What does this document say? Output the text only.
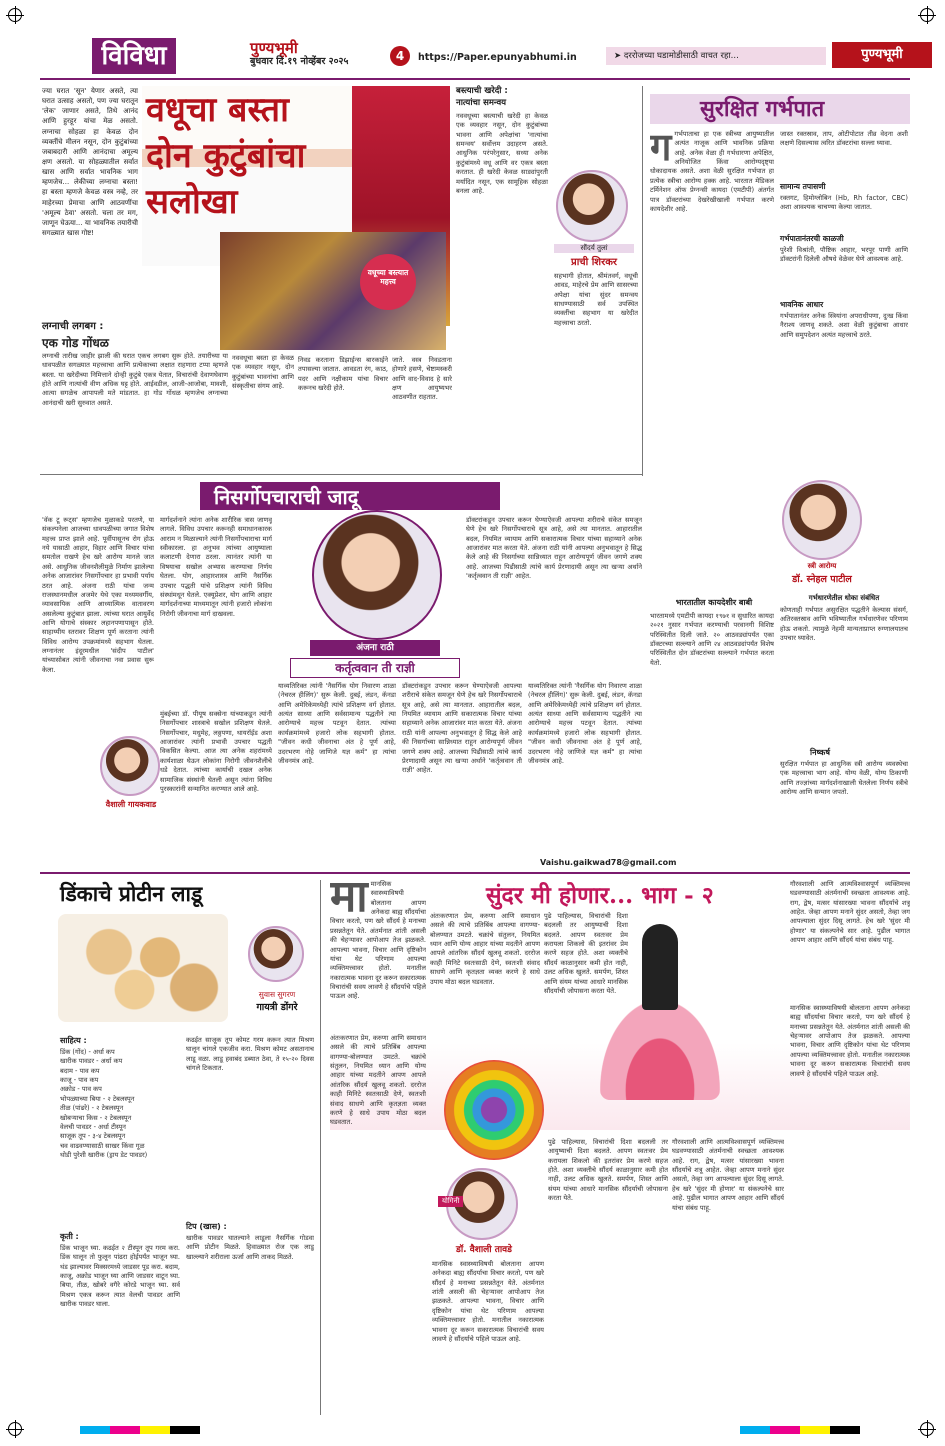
विविधा	पुण्यभूमी
बुधवार दि.१९ नोव्हेंबर २०२५	4	https://Paper.epunyabhumi.in	➤ दररोजच्या घडामोडीसाठी वाचत रहा...	पुण्यभूमी
ज्या घरात 'सून' येणार असते, त्या घरात उत्साह असतो, पण ज्या घरातून 'लेक' जाणार असते, तिथे आनंद आणि हुरहूर यांचा मेळ असतो. लग्नाचा सोहळा हा केवळ दोन व्यक्तींचे मीलन नसून, दोन कुटुंबांच्या जबाबदारी आणि आनंदाचा अमूल्य क्षण असतो. या सोहळ्यातील सर्वात खास आणि सर्वात भावनिक भाग म्हणजेच... लेकीच्या लग्नाचा बस्ता! हा बस्ता म्हणजे केवळ वस्त्र नव्हे, तर माहेरच्या प्रेमाचा आणि आठवणींचा 'अमूल्य ठेवा' असतो. चला तर मग, जाणून घेऊया... या भावनिक तयारीची सगळ्यात खास गोष्ट!
वधूचा बस्ता
दोन कुटुंबांचा
सलोखा
वधूच्या बस्त्यात महत्त्व
लग्नाची लगबग :
एक गोड गोंधळ
लग्नाची तारीख जाहीर झाली की घरात एकच लगबग सुरू होते. तयारीच्या या धावपळीत सगळ्यात महत्त्वाचा आणि प्रत्येकाच्या लक्षात राहणारा टप्पा म्हणजे बस्ता. या खरेदीच्या निमित्ताने दोन्ही कुटुंबे एकत्र येतात, विचारांची देवाणघेवाण होते आणि नात्यांची वीण अधिक घट्ट होते. आईवडील, आजी-आजोबा, मावशी, आत्या सगळेच आपापली मते मांडतात. हा गोड गोंधळ म्हणजेच लग्नाच्या आनंदाची खरी सुरुवात असते.
नववधूचा बस्ता हा केवळ एक व्यवहार नसून, दोन कुटुंबांच्या भावनांचा आणि संस्कृतीचा संगम आहे.
निवड करताना डिझाईन्स बारकाईने तपासल्या जातात. आवडता रंग, काठ, पदर आणि नक्षीकाम यांचा विचार करूनच खरेदी होते.
जाते. वस्त्र निवडताना होणारे हसणे, चेष्टामस्करी आणि वाद-विवाद हे सारे क्षण आयुष्यभर आठवणीत राहतात.
बस्त्याची खरेदी :
नात्यांचा समन्वय
नववधूच्या बस्त्याची खरेदी हा केवळ एक व्यवहार नसून, दोन कुटुंबांच्या भावना आणि अपेक्षांचा 'नात्यांचा समन्वय' सर्वोत्तम उदाहरण असते. आधुनिक परंपरेनुसार, सध्या अनेक कुटुंबांमध्ये वधू आणि वर एकत्र बस्ता करतात. ही खरेदी केवळ साड्यांपुरती मर्यादित नसून, एक सामूहिक सोहळा बनला आहे.
सौंदर्य तुलां
प्राची शिरकर
सहभागी होतात, श्रीमंतवर्ग, वधूची आवड, माहेरचे प्रेम आणि सासरच्या अपेक्षा यांचा सुंदर समन्वय साधण्यासाठी सर्व उपस्थित व्यक्तींचा सहभाग या खरेदीत महत्त्वाचा ठरतो.
सुरक्षित गर्भपात
गगर्भपाताचा हा एक स्त्रीच्या आयुष्यातील अत्यंत नाजूक आणि भावनिक प्रक्रिया आहे. अनेक वेळा ही गर्भधारणा अपेक्षित, अनियोजित किंवा आरोग्यदृष्ट्या धोकादायक असते. अशा वेळी सुरक्षित गर्भपात हा प्रत्येक स्त्रीचा आरोग्य हक्क आहे. भारतात मेडिकल टर्मिनेशन ऑफ प्रेग्नन्सी कायदा (एमटीपी) अंतर्गत पात्र डॉक्टरांच्या देखरेखीखाली गर्भपात करणे कायदेशीर आहे.
जास्त रक्तस्राव, ताप, ओटीपोटात तीव्र वेदना अशी लक्षणे दिसल्यास त्वरित डॉक्टरांचा सल्ला घ्यावा.
सामान्य तपासणी
रक्तगट, हिमोग्लोबिन (Hb, Rh factor, CBC) अशा आवश्यक चाचण्या केल्या जातात.
गर्भपातानंतरची काळजी
पुरेशी विश्रांती, पौष्टिक आहार, भरपूर पाणी आणि डॉक्टरांनी दिलेली औषधे वेळेवर घेणे आवश्यक आहे.
भावनिक आधार
गर्भपातानंतर अनेक स्त्रियांना अपराधीपणा, दुःख किंवा नैराश्य जाणवू शकते. अशा वेळी कुटुंबाचा आधार आणि समुपदेशन अत्यंत महत्त्वाचे ठरते.
भारतातील कायदेशीर बाबी
भारतामध्ये एमटीपी कायदा १९७१ व सुधारित कायदा २०२१ नुसार गर्भपात करण्याची परवानगी विशिष्ट परिस्थितीत दिली जाते. २० आठवड्यांपर्यंत एका डॉक्टरच्या सल्ल्याने आणि २४ आठवड्यांपर्यंत विशेष परिस्थितीत दोन डॉक्टरांच्या सल्ल्याने गर्भपात करता येतो.
स्त्री आरोग्य
डॉ. स्नेहल पाटील
गर्भधारणेतील धोका संबंधित
कोणताही गर्भपात असुरक्षित पद्धतीने केल्यास संसर्ग, अतिरक्तस्राव आणि भविष्यातील गर्भधारणेवर परिणाम होऊ शकतो. त्यामुळे नेहमी मान्यताप्राप्त रुग्णालयातच उपचार घ्यावेत.
निष्कर्ष
सुरक्षित गर्भपात हा आधुनिक स्त्री आरोग्य व्यवस्थेचा एक महत्त्वाचा भाग आहे. योग्य वेळी, योग्य ठिकाणी आणि तज्ज्ञांच्या मार्गदर्शनाखाली घेतलेला निर्णय स्त्रीचे आरोग्य आणि सन्मान जपतो.
निसर्गोपचाराची जादू
'वॅक टू रूट्स' म्हणजेच मुळाकडे परतणे, या संकल्पनेला आजच्या धावपळीच्या जगात विशेष महत्त्व प्राप्त झाले आहे. पूर्वीपासूनच रोग होऊ नये यासाठी आहार, विहार आणि विचार यांचा समतोल राखणे हेच खरे आरोग्य मानले जात असे. आधुनिक जीवनशैलीमुळे निर्माण झालेल्या अनेक आजारांवर निसर्गोपचार हा प्रभावी पर्याय ठरत आहे. अंजना राठी यांचा जन्म राजस्थानमधील अजमेर येथे एका मध्यमवर्गीय, व्यावसायिक आणि आध्यात्मिक वातावरण असलेल्या कुटुंबात झाला. त्यांच्या घरात आयुर्वेद आणि योगाचे संस्कार लहानपणापासून होते. साहाय्यीय स्तरावर शिक्षण पूर्ण करताना त्यांनी विविध आरोग्य उपक्रमांमध्ये सहभाग घेतला. लग्नानंतर इंदूरमधील 'संदीप पाटील' यांच्यासोबत त्यांनी जीवनाचा नवा प्रवास सुरू केला.
मार्गदर्शनाने त्यांना अनेक शारीरिक त्रास जाणवू लागले. विविध उपचार करूनही समाधानकारक आराम न मिळाल्याने त्यांनी निसर्गोपचाराचा मार्ग स्वीकारला. हा अनुभव त्यांच्या आयुष्याला कलाटणी देणारा ठरला. त्यानंतर त्यांनी या विषयाचा सखोल अभ्यास करण्याचा निर्णय घेतला. योग, आहारशास्त्र आणि नैसर्गिक उपचार पद्धती यांचे प्रशिक्षण त्यांनी विविध संस्थांमधून घेतले. एक्यूप्रेशर, योग आणि आहार मार्गदर्शनाच्या माध्यमातून त्यांनी हजारो लोकांना निरोगी जीवनाचा मार्ग दाखवला.
अंजना राठी
कर्तृत्ववान ती राज्ञी
मुंबईच्या डॉ. पीयूष सक्सेना यांच्याकडून त्यांनी निसर्गोपचार शास्त्राचे सखोल प्रशिक्षण घेतले. निसर्गोपचार, मधुमेह, लठ्ठपणा, थायरॉईड अशा आजारांवर त्यांनी प्रभावी उपचार पद्धती विकसित केल्या. आज त्या अनेक शहरांमध्ये कार्यशाळा घेऊन लोकांना निरोगी जीवनशैलीचे धडे देतात. त्यांच्या कार्याची दखल अनेक सामाजिक संस्थांनी घेतली असून त्यांना विविध पुरस्कारांनी सन्मानित करण्यात आले आहे.
याव्यतिरिक्त त्यांनी 'नैसर्गिक योग निवारण शाळा (नेचरल हीलिंग)' सुरू केली. दुबई, लंडन, कॅनडा आणि अमेरिकेमध्येही त्यांचे प्रशिक्षण वर्ग होतात. अत्यंत साध्या आणि सर्वसामान्य पद्धतीने त्या आरोग्याचे महत्त्व पटवून देतात. त्यांच्या कार्यक्रमांमध्ये हजारो लोक सहभागी होतात. "जीवन कधी जीवनाचा अंत हे पूर्ण आहे, उदरभरण नोहे जाणिजे यज्ञ कर्म" हा त्यांचा जीवनमंत्र आहे.
डॉक्टरांकडून उपचार करून घेण्याऐवजी आपल्या शरीराचे संकेत समजून घेणे हेच खरे निसर्गोपचाराचे सूत्र आहे, असे त्या मानतात. आहारातील बदल, नियमित व्यायाम आणि सकारात्मक विचार यांच्या सहाय्याने अनेक आजारांवर मात करता येते. अंजना राठी यांनी आपल्या अनुभवातून हे सिद्ध केले आहे की निसर्गाच्या सान्निध्यात राहून आरोग्यपूर्ण जीवन जगणे शक्य आहे. आजच्या पिढीसाठी त्यांचे कार्य प्रेरणादायी असून त्या खऱ्या अर्थाने 'कर्तृत्ववान ती राज्ञी' आहेत.
डॉक्टरांकडून उपचार करून घेण्याऐवजी आपल्या शरीराचे संकेत समजून घेणे हेच खरे निसर्गोपचाराचे सूत्र आहे, असे त्या मानतात. आहारातील बदल, नियमित व्यायाम आणि सकारात्मक विचार यांच्या सहाय्याने अनेक आजारांवर मात करता येते. अंजना राठी यांनी आपल्या अनुभवातून हे सिद्ध केले आहे की निसर्गाच्या सान्निध्यात राहून आरोग्यपूर्ण जीवन जगणे शक्य आहे. आजच्या पिढीसाठी त्यांचे कार्य प्रेरणादायी असून त्या खऱ्या अर्थाने 'कर्तृत्ववान ती राज्ञी' आहेत.
याव्यतिरिक्त त्यांनी 'नैसर्गिक योग निवारण शाळा (नेचरल हीलिंग)' सुरू केली. दुबई, लंडन, कॅनडा आणि अमेरिकेमध्येही त्यांचे प्रशिक्षण वर्ग होतात. अत्यंत साध्या आणि सर्वसामान्य पद्धतीने त्या आरोग्याचे महत्त्व पटवून देतात. त्यांच्या कार्यक्रमांमध्ये हजारो लोक सहभागी होतात. "जीवन कधी जीवनाचा अंत हे पूर्ण आहे, उदरभरण नोहे जाणिजे यज्ञ कर्म" हा त्यांचा जीवनमंत्र आहे.
वैशाली गायकवाड
Vaishu.gaikwad78@gmail.com
डिंकाचे प्रोटीन लाडू
सुवास सुगरण
गायत्री डोंगरे
साहित्य :
डिंक (गोंद) - अर्धा कप
खारीक पावडर - अर्धा कप
बदाम - पाव कप
काजू - पाव कप
अक्रोड - पाव कप
भोपळ्याच्या बिया - २ टेबलस्पून
तीळ (पांढरे) - २ टेबलस्पून
खोबऱ्याचा किस - २ टेबलस्पून
वेलची पावडर - अर्धा टीस्पून
साजूक तूप - ३-४ टेबलस्पून
चव वाढवण्यासाठी साखर किंवा गूळ
थोडी पुरेशी खारीक (ड्राय डेट पावडर)
कृती :
डिंक भाजून घ्या. कढईत २ टीस्पून तूप गरम करा. डिंक घालून तो फुलून पांढरा होईपर्यंत भाजून घ्या. थंड झाल्यावर मिक्सरमध्ये जाडसर पूड करा. बदाम, काजू, अक्रोड भाजून घ्या आणि जाडसर वाटून घ्या. बिया, तीळ, खोबरे वगैरे कोरडे भाजून घ्या. सर्व मिश्रण एकत्र करून त्यात वेलची पावडर आणि खारीक पावडर घाला.
कढईत साजूक तूप कोमट गरम करून त्यात मिश्रण घालून चांगले एकजीव करा. मिश्रण कोमट असतानाच लाडू वळा. लाडू हवाबंद डब्यात ठेवा, ते १५-२० दिवस चांगले टिकतात.
टिप (खास) :
खारीक पावडर घातल्याने लाडूला नैसर्गिक गोडवा आणि प्रोटीन मिळते. हिवाळ्यात रोज एक लाडू खाल्ल्याने शरीराला ऊर्जा आणि ताकद मिळते.
सुंदर मी होणार... भाग - २
मामानसिक स्वास्थ्याविषयी बोलताना आपण अनेकदा बाह्य सौंदर्याचा विचार करतो, पण खरे सौंदर्य हे मनाच्या प्रसन्नतेतून येते. अंतर्मनात शांती असली की चेहऱ्यावर आपोआप तेज झळकते. आपल्या भावना, विचार आणि दृष्टिकोन यांचा थेट परिणाम आपल्या व्यक्तिमत्त्वावर होतो. मनातील नकारात्मक भावना दूर करून सकारात्मक विचारांची सवय लावणे हे सौंदर्याचे पहिले पाऊल आहे.
अंतःकरणात प्रेम, करुणा आणि समाधान असले की त्याचे प्रतिबिंब आपल्या वागण्या-बोलण्यात उमटते. चक्रांचे संतुलन, नियमित ध्यान आणि योग्य आहार यांच्या मदतीने आपण आपले आंतरिक सौंदर्य खुलवू शकतो. दररोज काही मिनिटे स्वतःसाठी देणे, स्वतःशी संवाद साधणे आणि कृतज्ञता व्यक्त करणे हे साधे उपाय मोठा बदल घडवतात.
पुढे पाहिल्यास, विचारांची दिशा बदलली तर आयुष्याची दिशा बदलते. आपण स्वतःवर प्रेम करायला शिकलो की इतरांवर प्रेम करणे सहज होते. अशा व्यक्तीचे सौंदर्य काळानुसार कमी होत नाही, उलट अधिक खुलते. समर्पण, शिस्त आणि संयम यांच्या आधारे मानसिक सौंदर्याची जोपासना करता येते.
गौरवशाली आणि आत्मविश्वासपूर्ण व्यक्तिमत्त्व घडवण्यासाठी अंतर्मनाची स्वच्छता आवश्यक आहे. राग, द्वेष, मत्सर यांसारख्या भावना सौंदर्याचे शत्रू आहेत. जेव्हा आपण मनाने सुंदर असतो, तेव्हा जग आपल्याला सुंदर दिसू लागते. हेच खरे 'सुंदर मी होणार' या संकल्पनेचे सार आहे. पुढील भागात आपण आहार आणि सौंदर्य यांचा संबंध पाहू.
अंतःकरणात प्रेम, करुणा आणि समाधान असले की त्याचे प्रतिबिंब आपल्या वागण्या-बोलण्यात उमटते. चक्रांचे संतुलन, नियमित ध्यान आणि योग्य आहार यांच्या मदतीने आपण आपले आंतरिक सौंदर्य खुलवू शकतो. दररोज काही मिनिटे स्वतःसाठी देणे, स्वतःशी संवाद साधणे आणि कृतज्ञता व्यक्त करणे हे साधे उपाय मोठा बदल घडवतात.
पुढे पाहिल्यास, विचारांची दिशा बदलली तर आयुष्याची दिशा बदलते. आपण स्वतःवर प्रेम करायला शिकलो की इतरांवर प्रेम करणे सहज होते. अशा व्यक्तीचे सौंदर्य काळानुसार कमी होत नाही, उलट अधिक खुलते. समर्पण, शिस्त आणि संयम यांच्या आधारे मानसिक सौंदर्याची जोपासना करता येते.
गौरवशाली आणि आत्मविश्वासपूर्ण व्यक्तिमत्त्व घडवण्यासाठी अंतर्मनाची स्वच्छता आवश्यक आहे. राग, द्वेष, मत्सर यांसारख्या भावना सौंदर्याचे शत्रू आहेत. जेव्हा आपण मनाने सुंदर असतो, तेव्हा जग आपल्याला सुंदर दिसू लागते. हेच खरे 'सुंदर मी होणार' या संकल्पनेचे सार आहे. पुढील भागात आपण आहार आणि सौंदर्य यांचा संबंध पाहू.
मानसिक स्वास्थ्याविषयी बोलताना आपण अनेकदा बाह्य सौंदर्याचा विचार करतो, पण खरे सौंदर्य हे मनाच्या प्रसन्नतेतून येते. अंतर्मनात शांती असली की चेहऱ्यावर आपोआप तेज झळकते. आपल्या भावना, विचार आणि दृष्टिकोन यांचा थेट परिणाम आपल्या व्यक्तिमत्त्वावर होतो. मनातील नकारात्मक भावना दूर करून सकारात्मक विचारांची सवय लावणे हे सौंदर्याचे पहिले पाऊल आहे.
योगिनी
डॉ. वैशाली तावडे
मानसिक स्वास्थ्याविषयी बोलताना आपण अनेकदा बाह्य सौंदर्याचा विचार करतो, पण खरे सौंदर्य हे मनाच्या प्रसन्नतेतून येते. अंतर्मनात शांती असली की चेहऱ्यावर आपोआप तेज झळकते. आपल्या भावना, विचार आणि दृष्टिकोन यांचा थेट परिणाम आपल्या व्यक्तिमत्त्वावर होतो. मनातील नकारात्मक भावना दूर करून सकारात्मक विचारांची सवय लावणे हे सौंदर्याचे पहिले पाऊल आहे.
